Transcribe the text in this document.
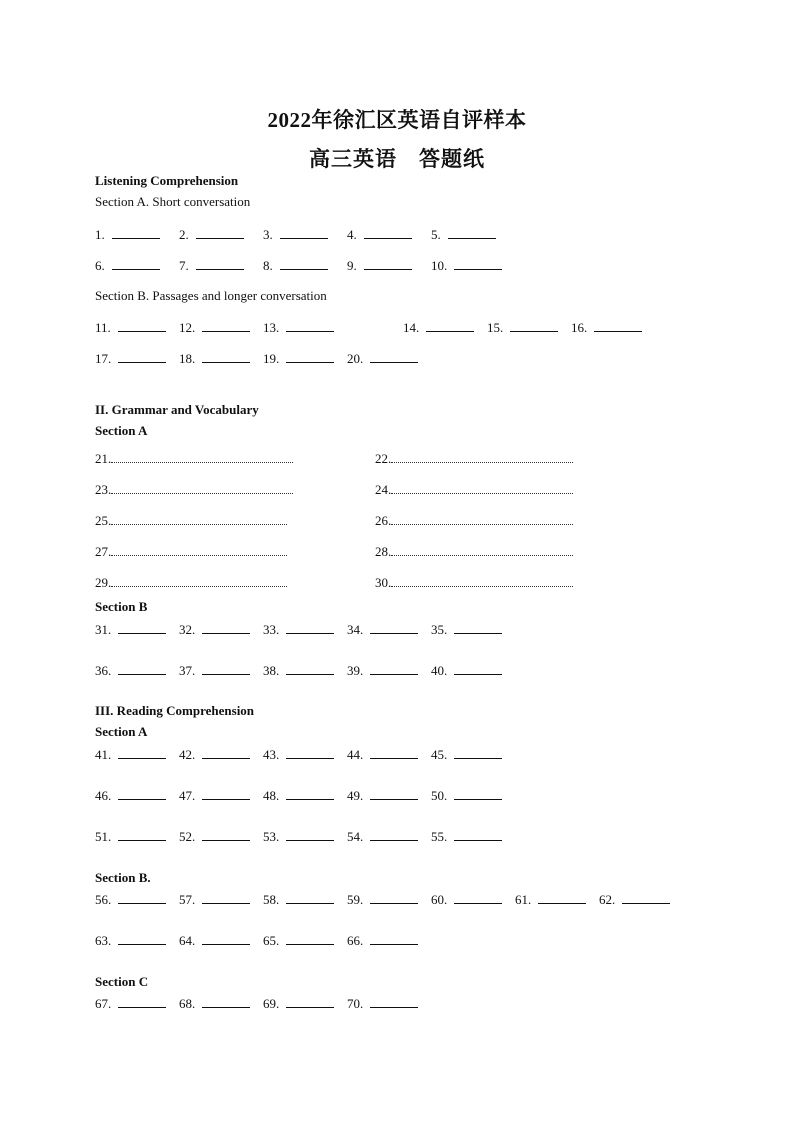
2022年徐汇区英语自评样本
高三英语　答题纸
Listening Comprehension
Section A. Short conversation
1.	2.	3.	4.	5.
6.	7.	8.	9.	10.
Section B. Passages and longer conversation
11.	12.	13.	14.	15.	16.
17.	18.	19.	20.
II. Grammar and Vocabulary
Section A
21.	22.
23.	24.
25.	26.
27.	28.
29.	30.
Section B
31.	32.	33.	34.	35.
36.	37.	38.	39.	40.
III. Reading Comprehension
Section A
41.	42.	43.	44.	45.
46.	47.	48.	49.	50.
51.	52.	53.	54.	55.
Section B.
56.	57.	58.	59.	60.	61.	62.
63.	64.	65.	66.
Section C
67.	68.	69.	70.
